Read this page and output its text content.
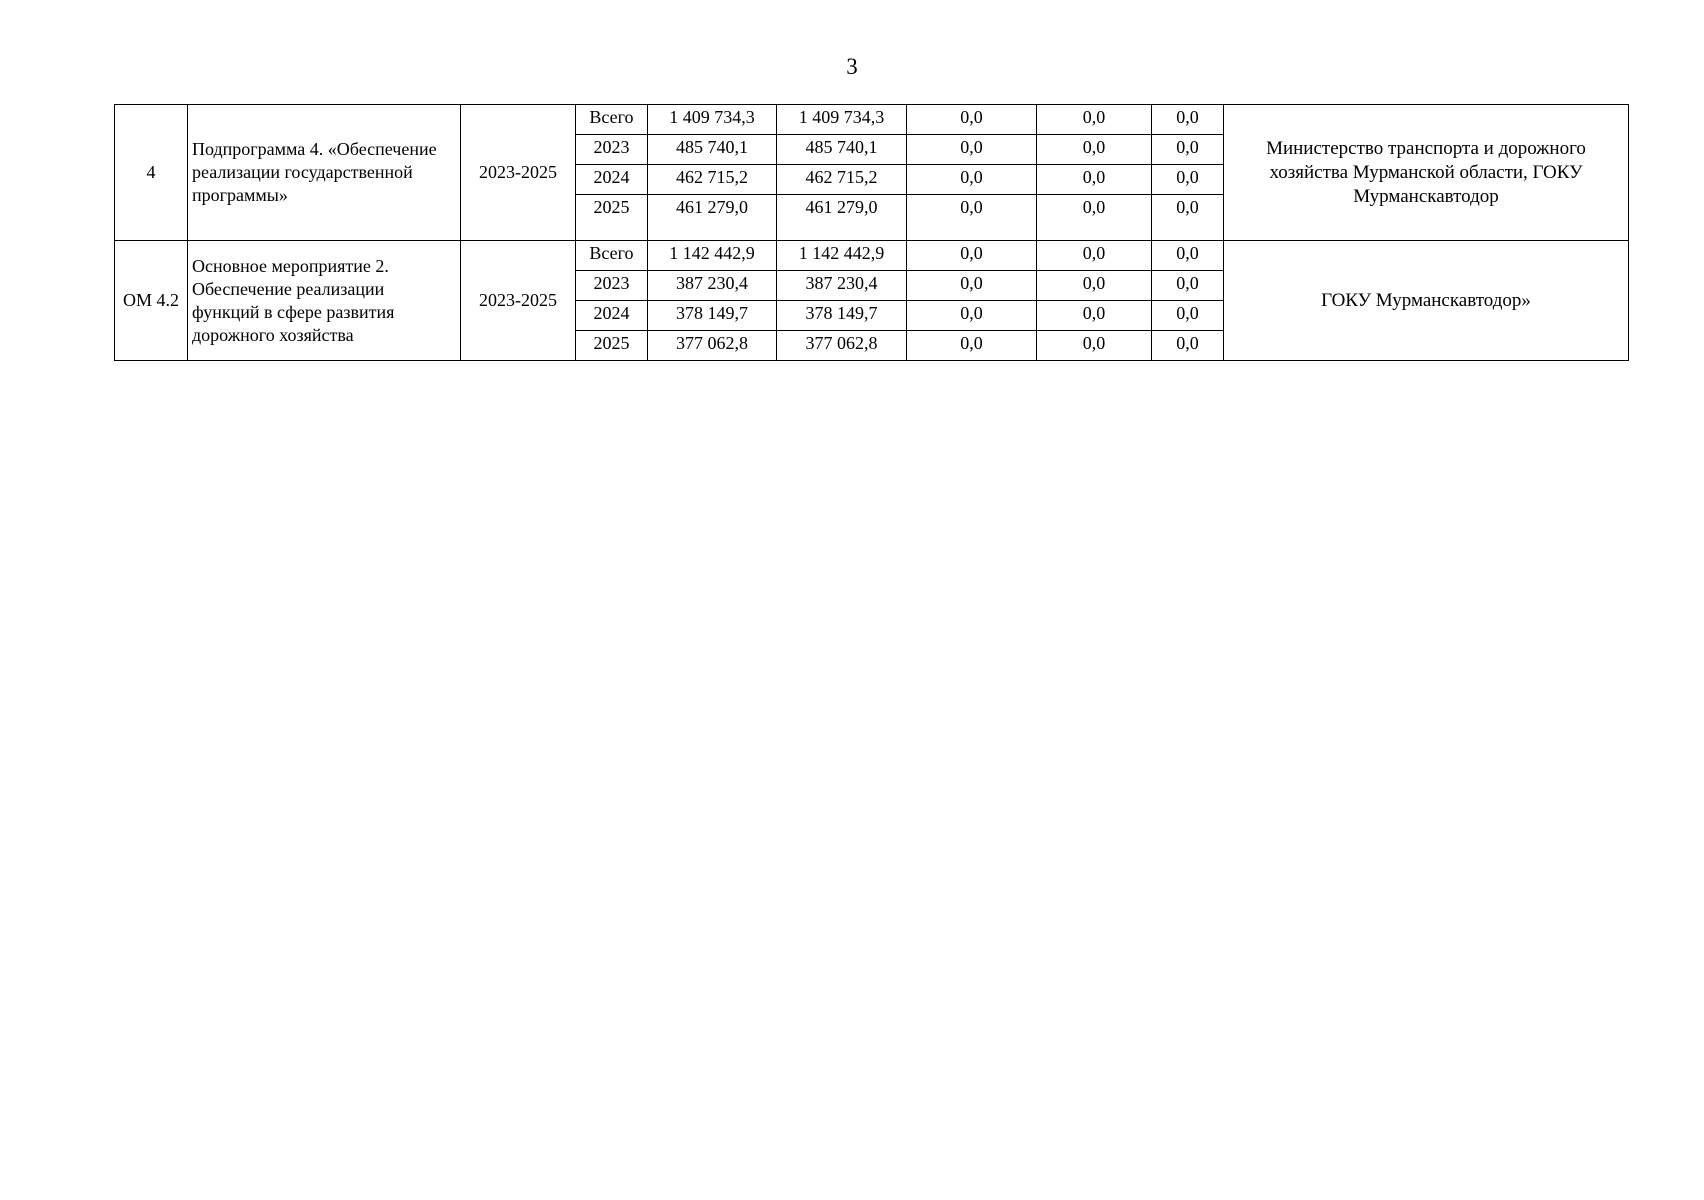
3
4	Подпрограмма 4. «Обеспечение реализации государственной программы»	2023-2025	Всего	1 409 734,3	1 409 734,3	0,0	0,0	0,0	Министерство транспорта и дорожного хозяйства Мурманской области, ГОКУ Мурманскавтодор
			2023	485 740,1	485 740,1	0,0	0,0	0,0	
			2024	462 715,2	462 715,2	0,0	0,0	0,0	
			2025	461 279,0	461 279,0	0,0	0,0	0,0	
ОМ 4.2	Основное мероприятие 2. Обеспечение реализации функций в сфере развития дорожного хозяйства	2023-2025	Всего	1 142 442,9	1 142 442,9	0,0	0,0	0,0	ГОКУ Мурманскавтодор»
			2023	387 230,4	387 230,4	0,0	0,0	0,0	
			2024	378 149,7	378 149,7	0,0	0,0	0,0	
			2025	377 062,8	377 062,8	0,0	0,0	0,0	
